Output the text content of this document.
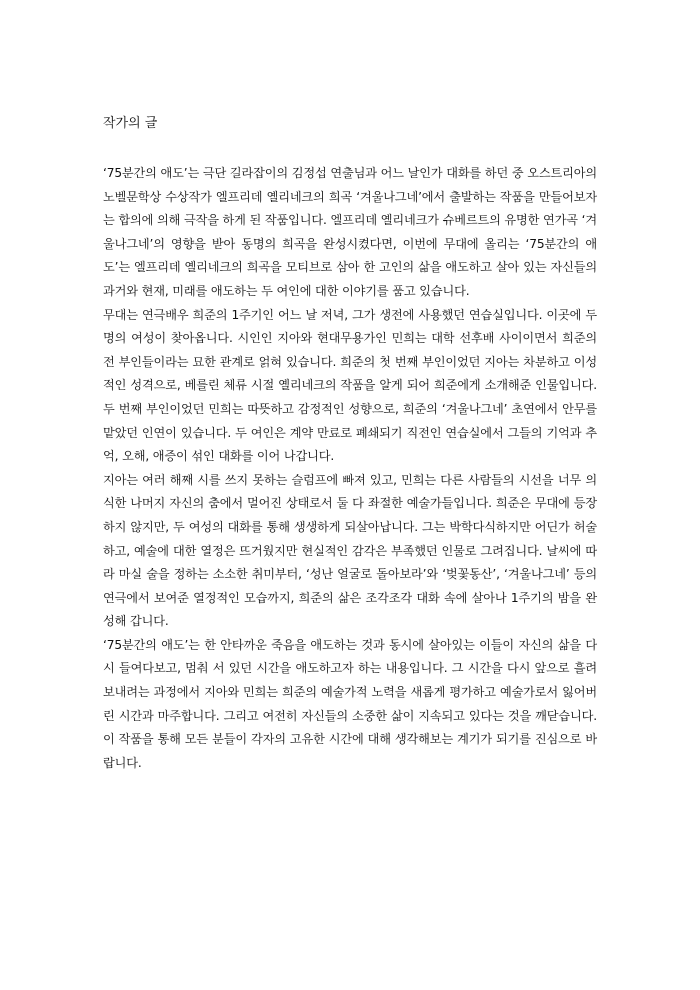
작가의 글

‘75분간의 애도’는 극단 길라잡이의 김정섭 연출님과 어느 날인가 대화를 하던 중 오스트리아의 노벨문학상 수상작가 엘프리데 옐리네크의 희곡 ‘겨울나그네’에서 출발하는 작품을 만들어보자는 합의에 의해 극작을 하게 된 작품입니다. 엘프리데 옐리네크가 슈베르트의 유명한 연가곡 ‘겨울나그네’의 영향을 받아 동명의 희곡을 완성시켰다면, 이번에 무대에 올리는 ‘75분간의 애도’는 엘프리데 옐리네크의 희곡을 모티브로 삼아 한 고인의 삶을 애도하고 살아 있는 자신들의 과거와 현재, 미래를 애도하는 두 여인에 대한 이야기를 품고 있습니다.

무대는 연극배우 희준의 1주기인 어느 날 저녁, 그가 생전에 사용했던 연습실입니다. 이곳에 두 명의 여성이 찾아옵니다. 시인인 지아와 현대무용가인 민희는 대학 선후배 사이이면서 희준의 전 부인들이라는 묘한 관계로 얽혀 있습니다. 희준의 첫 번째 부인이었던 지아는 차분하고 이성적인 성격으로, 베를린 체류 시절 옐리네크의 작품을 알게 되어 희준에게 소개해준 인물입니다. 두 번째 부인이었던 민희는 따뜻하고 감정적인 성향으로, 희준의 ‘겨울나그네’ 초연에서 안무를 맡았던 인연이 있습니다. 두 여인은 계약 만료로 폐쇄되기 직전인 연습실에서 그들의 기억과 추억, 오해, 애증이 섞인 대화를 이어 나갑니다.

지아는 여러 해째 시를 쓰지 못하는 슬럼프에 빠져 있고, 민희는 다른 사람들의 시선을 너무 의식한 나머지 자신의 춤에서 멀어진 상태로서 둘 다 좌절한 예술가들입니다. 희준은 무대에 등장하지 않지만, 두 여성의 대화를 통해 생생하게 되살아납니다. 그는 박학다식하지만 어딘가 허술하고, 예술에 대한 열정은 뜨거웠지만 현실적인 감각은 부족했던 인물로 그려집니다. 날씨에 따라 마실 술을 정하는 소소한 취미부터, ‘성난 얼굴로 돌아보라’와 ‘벚꽃동산’, ‘겨울나그네’ 등의 연극에서 보여준 열정적인 모습까지, 희준의 삶은 조각조각 대화 속에 살아나 1주기의 밤을 완성해 갑니다.

‘75분간의 애도’는 한 안타까운 죽음을 애도하는 것과 동시에 살아있는 이들이 자신의 삶을 다시 들여다보고, 멈춰 서 있던 시간을 애도하고자 하는 내용입니다. 그 시간을 다시 앞으로 흘려보내려는 과정에서 지아와 민희는 희준의 예술가적 노력을 새롭게 평가하고 예술가로서 잃어버린 시간과 마주합니다. 그리고 여전히 자신들의 소중한 삶이 지속되고 있다는 것을 깨닫습니다. 이 작품을 통해 모든 분들이 각자의 고유한 시간에 대해 생각해보는 계기가 되기를 진심으로 바랍니다.
